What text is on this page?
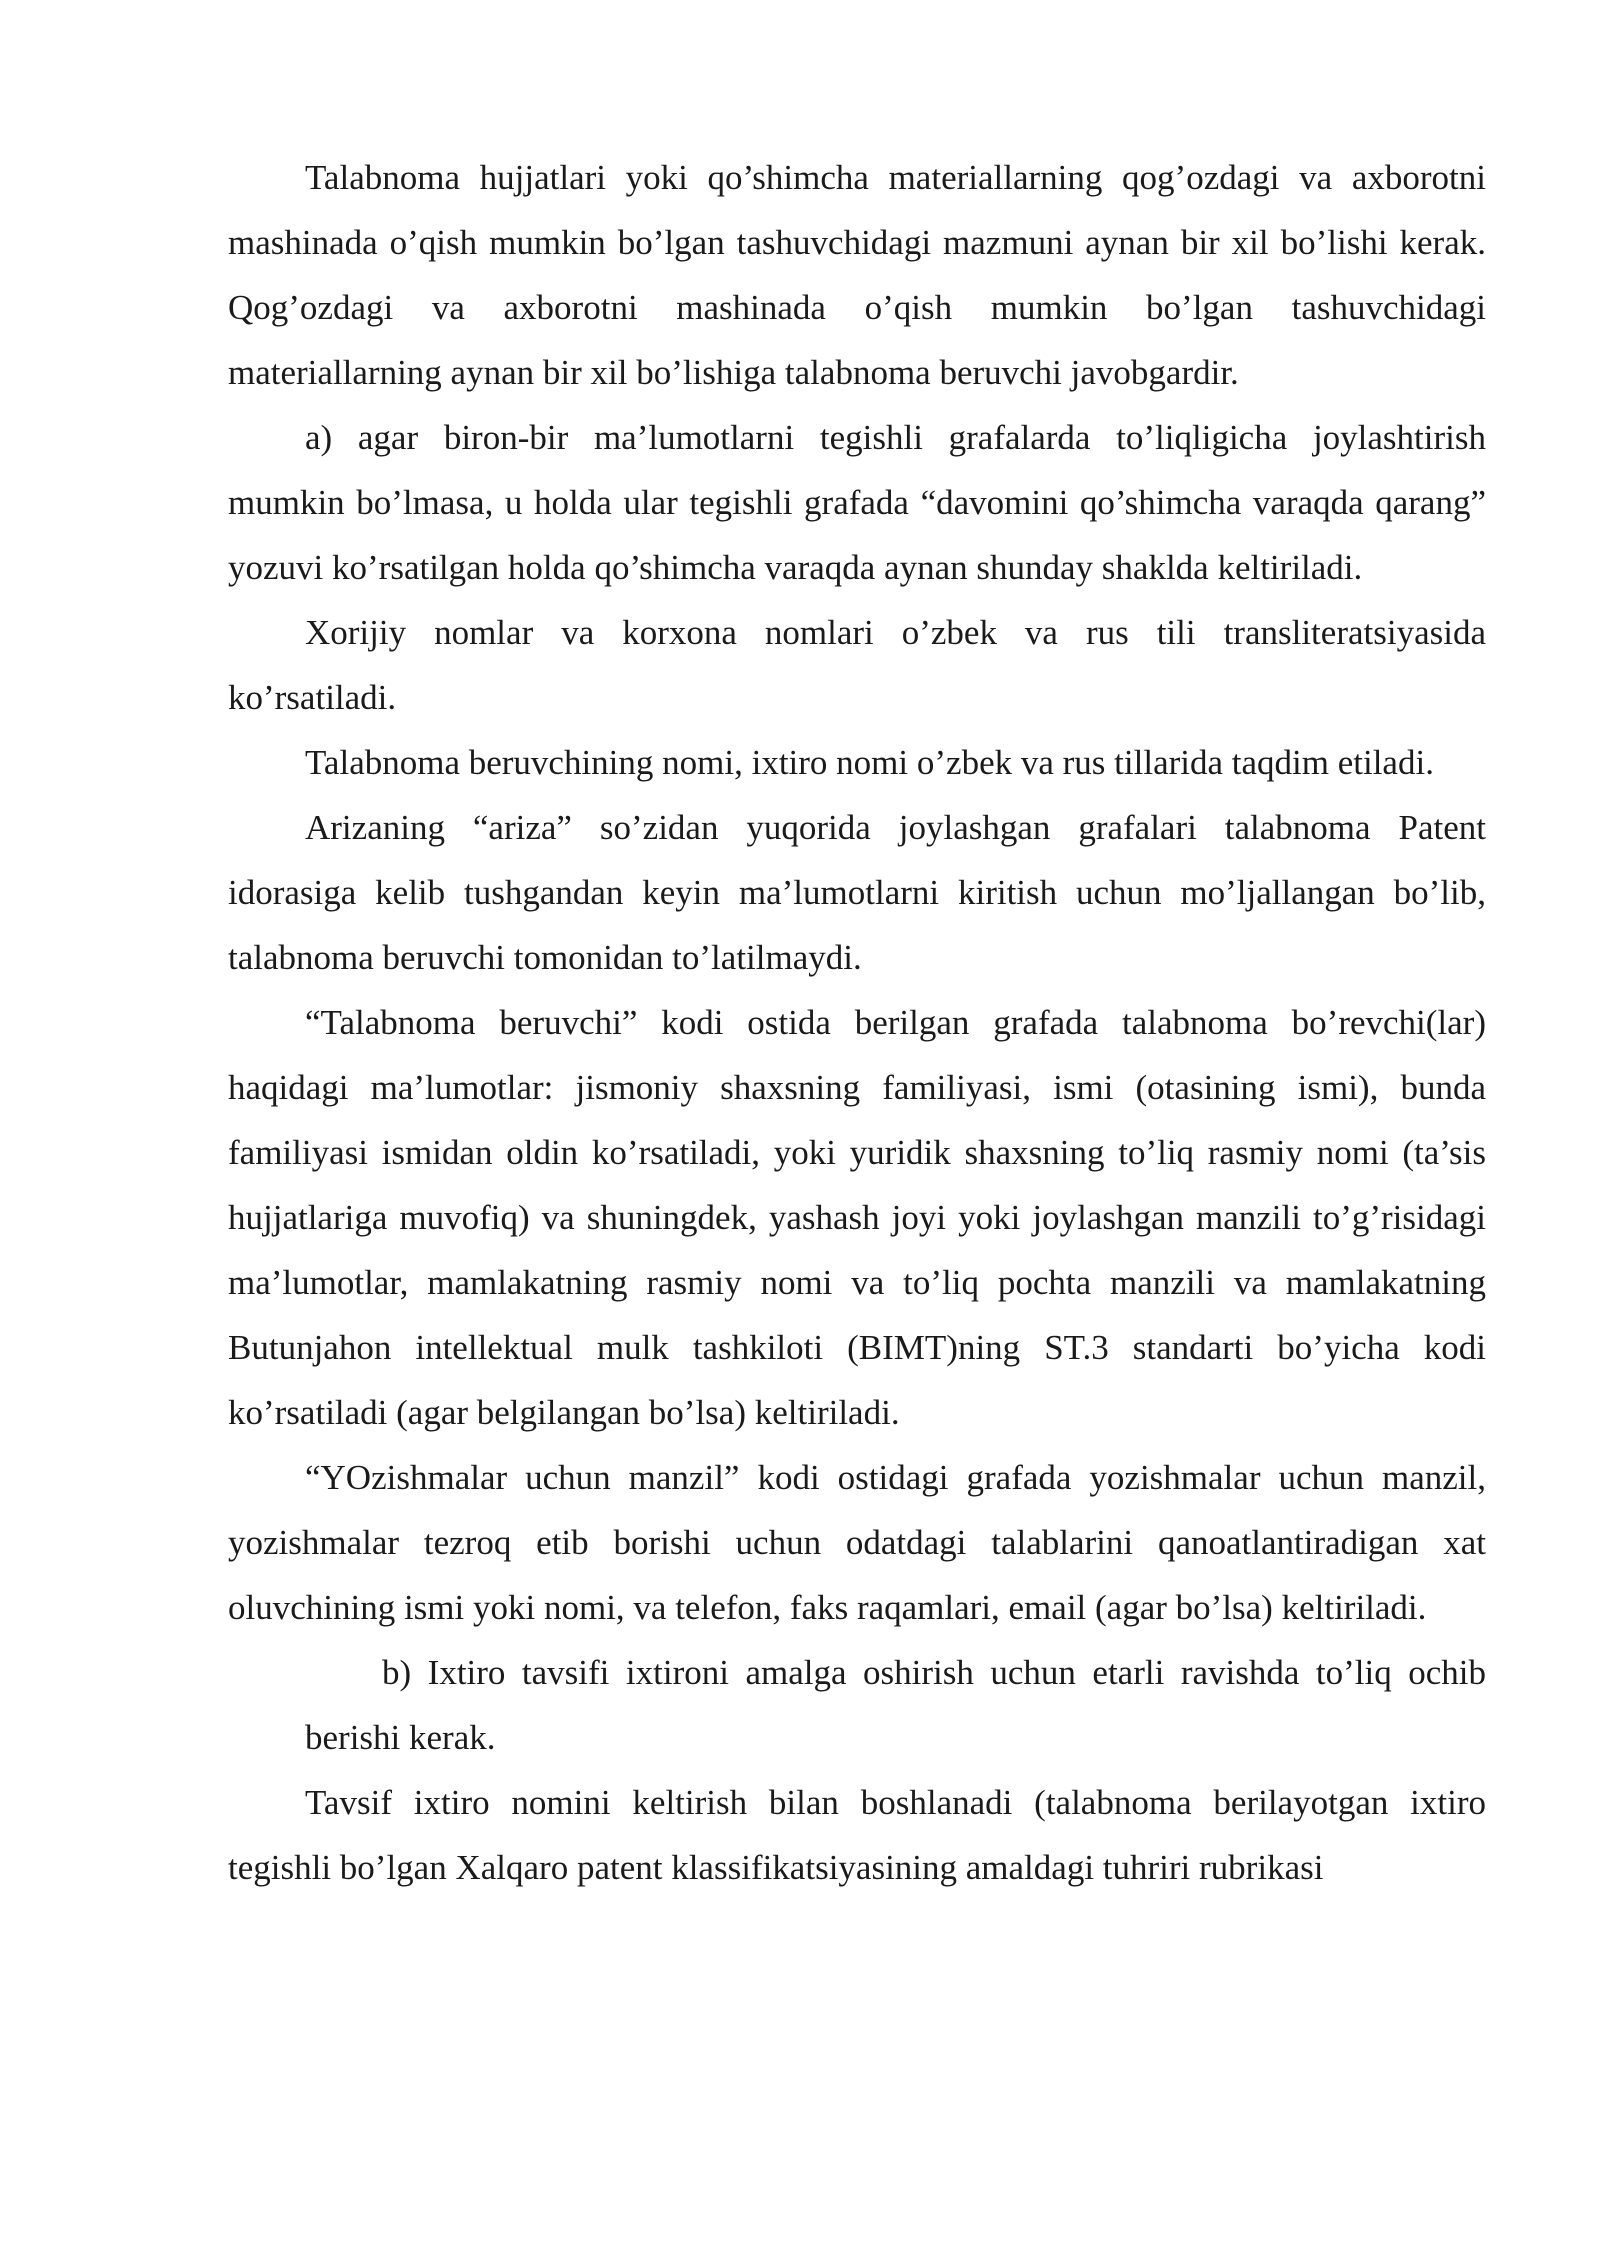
Talabnoma hujjatlari yoki qo’shimcha materiallarning qog’ozdagi va axborotni mashinada o’qish mumkin bo’lgan tashuvchidagi mazmuni aynan bir xil bo’lishi kerak. Qog’ozdagi va axborotni mashinada o’qish mumkin bo’lgan tashuvchidagi materiallarning aynan bir xil bo’lishiga talabnoma beruvchi javobgardir.

a) agar biron-bir ma’lumotlarni tegishli grafalarda to’liqligicha joylashtirish mumkin bo’lmasa, u holda ular tegishli grafada “davomini qo’shimcha varaqda qarang” yozuvi ko’rsatilgan holda qo’shimcha varaqda aynan shunday shaklda keltiriladi.

Xorijiy nomlar va korxona nomlari o’zbek va rus tili transliteratsiyasida ko’rsatiladi.

Talabnoma beruvchining nomi, ixtiro nomi o’zbek va rus tillarida taqdim etiladi.

Arizaning “ariza” so’zidan yuqorida joylashgan grafalari talabnoma Patent idorasiga kelib tushgandan keyin ma’lumotlarni kiritish uchun mo’ljallangan bo’lib, talabnoma beruvchi tomonidan to’latilmaydi.

“Talabnoma beruvchi” kodi ostida berilgan grafada talabnoma bo’revchi(lar) haqidagi ma’lumotlar: jismoniy shaxsning familiyasi, ismi (otasining ismi), bunda familiyasi ismidan oldin ko’rsatiladi, yoki yuridik shaxsning to’liq rasmiy nomi (ta’sis hujjatlariga muvofiq) va shuningdek, yashash joyi yoki joylashgan manzili to’g’risidagi ma’lumotlar, mamlakatning rasmiy nomi va to’liq pochta manzili va mamlakatning Butunjahon intellektual mulk tashkiloti (BIMT)ning ST.3 standarti bo’yicha kodi ko’rsatiladi (agar belgilangan bo’lsa) keltiriladi.

“YOzishmalar uchun manzil” kodi ostidagi grafada yozishmalar uchun manzil, yozishmalar tezroq etib borishi uchun odatdagi talablarini qanoatlantiradigan xat oluvchining ismi yoki nomi, va telefon, faks raqamlari, email (agar bo’lsa) keltiriladi.

b) Ixtiro tavsifi ixtironi amalga oshirish uchun etarli ravishda to’liq ochib berishi kerak.

Tavsif ixtiro nomini keltirish bilan boshlanadi (talabnoma berilayotgan ixtiro tegishli bo’lgan Xalqaro patent klassifikatsiyasining amaldagi tuhriri rubrikasi
